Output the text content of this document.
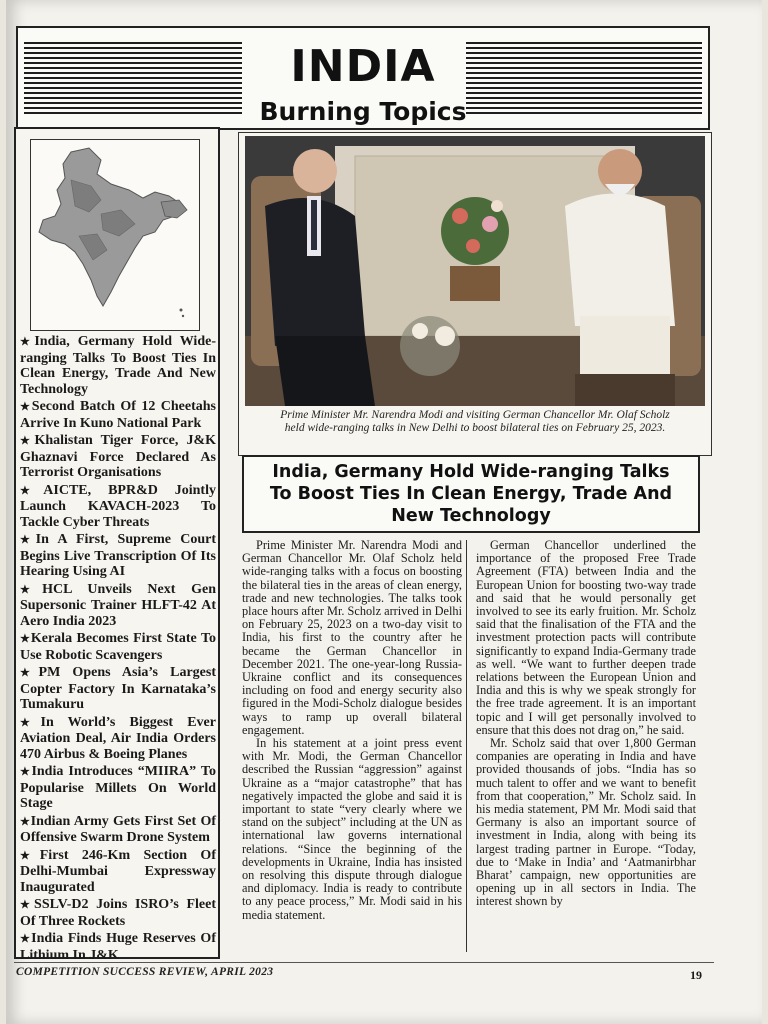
INDIA
Burning Topics
★India, Germany Hold Wide-ranging Talks To Boost Ties In Clean Energy, Trade And New Technology
★Second Batch Of 12 Cheetahs Arrive In Kuno National Park
★Khalistan Tiger Force, J&K Ghaznavi Force Declared As Terrorist Organisations
★AICTE, BPR&D Jointly Launch KAVACH-2023 To Tackle Cyber Threats
★In A First, Supreme Court Begins Live Transcription Of Its Hearing Using AI
★HCL Unveils Next Gen Supersonic Trainer HLFT-42 At Aero India 2023
★Kerala Becomes First State To Use Robotic Scavengers
★PM Opens Asia’s Largest Copter Factory In Karnataka’s Tumakuru
★In World’s Biggest Ever Aviation Deal, Air India Orders 470 Airbus & Boeing Planes
★India Introduces “MIIRA” To Popularise Millets On World Stage
★Indian Army Gets First Set Of Offensive Swarm Drone System
★First 246-Km Section Of Delhi-Mumbai Expressway Inaugurated
★SSLV-D2 Joins ISRO’s Fleet Of Three Rockets
★India Finds Huge Reserves Of Lithium In J&K
Prime Minister Mr. Narendra Modi and visiting German Chancellor Mr. Olaf Scholz held wide-ranging talks in New Delhi to boost bilateral ties on February 25, 2023.
India, Germany Hold Wide-ranging Talks To Boost Ties In Clean Energy, Trade And New Technology

Prime Minister Mr. Narendra Modi and German Chancellor Mr. Olaf Scholz held wide-ranging talks with a focus on boosting the bilateral ties in the areas of clean energy, trade and new technologies. The talks took place hours after Mr. Scholz arrived in Delhi on February 25, 2023 on a two-day visit to India, his first to the country after he became the German Chancellor in December 2021. The one-year-long Russia-Ukraine conflict and its consequences including on food and energy security also figured in the Modi-Scholz dialogue besides ways to ramp up overall bilateral engagement.

In his statement at a joint press event with Mr. Modi, the German Chancellor described the Russian “aggression” against Ukraine as a “major catastrophe” that has negatively impacted the globe and said it is important to state “very clearly where we stand on the subject” including at the UN as international law governs international relations. “Since the beginning of the developments in Ukraine, India has insisted on resolving this dispute through dialogue and diplomacy. India is ready to contribute to any peace process,” Mr. Modi said in his media statement.

German Chancellor underlined the importance of the proposed Free Trade Agreement (FTA) between India and the European Union for boosting two-way trade and said that he would personally get involved to see its early fruition. Mr. Scholz said that the finalisation of the FTA and the investment protection pacts will contribute significantly to expand India-Germany trade as well. “We want to further deepen trade relations between the European Union and India and this is why we speak strongly for the free trade agreement. It is an important topic and I will get personally involved to ensure that this does not drag on,” he said.

Mr. Scholz said that over 1,800 German companies are operating in India and have provided thousands of jobs. “India has so much talent to offer and we want to benefit from that cooperation,” Mr. Scholz said. In his media statement, PM Mr. Modi said that Germany is also an important source of investment in India, along with being its largest trading partner in Europe. “Today, due to ‘Make in India’ and ‘Aatmanirbhar Bharat’ campaign, new opportunities are opening up in all sectors in India. The interest shown by

COMPETITION SUCCESS REVIEW, APRIL 2023	19
